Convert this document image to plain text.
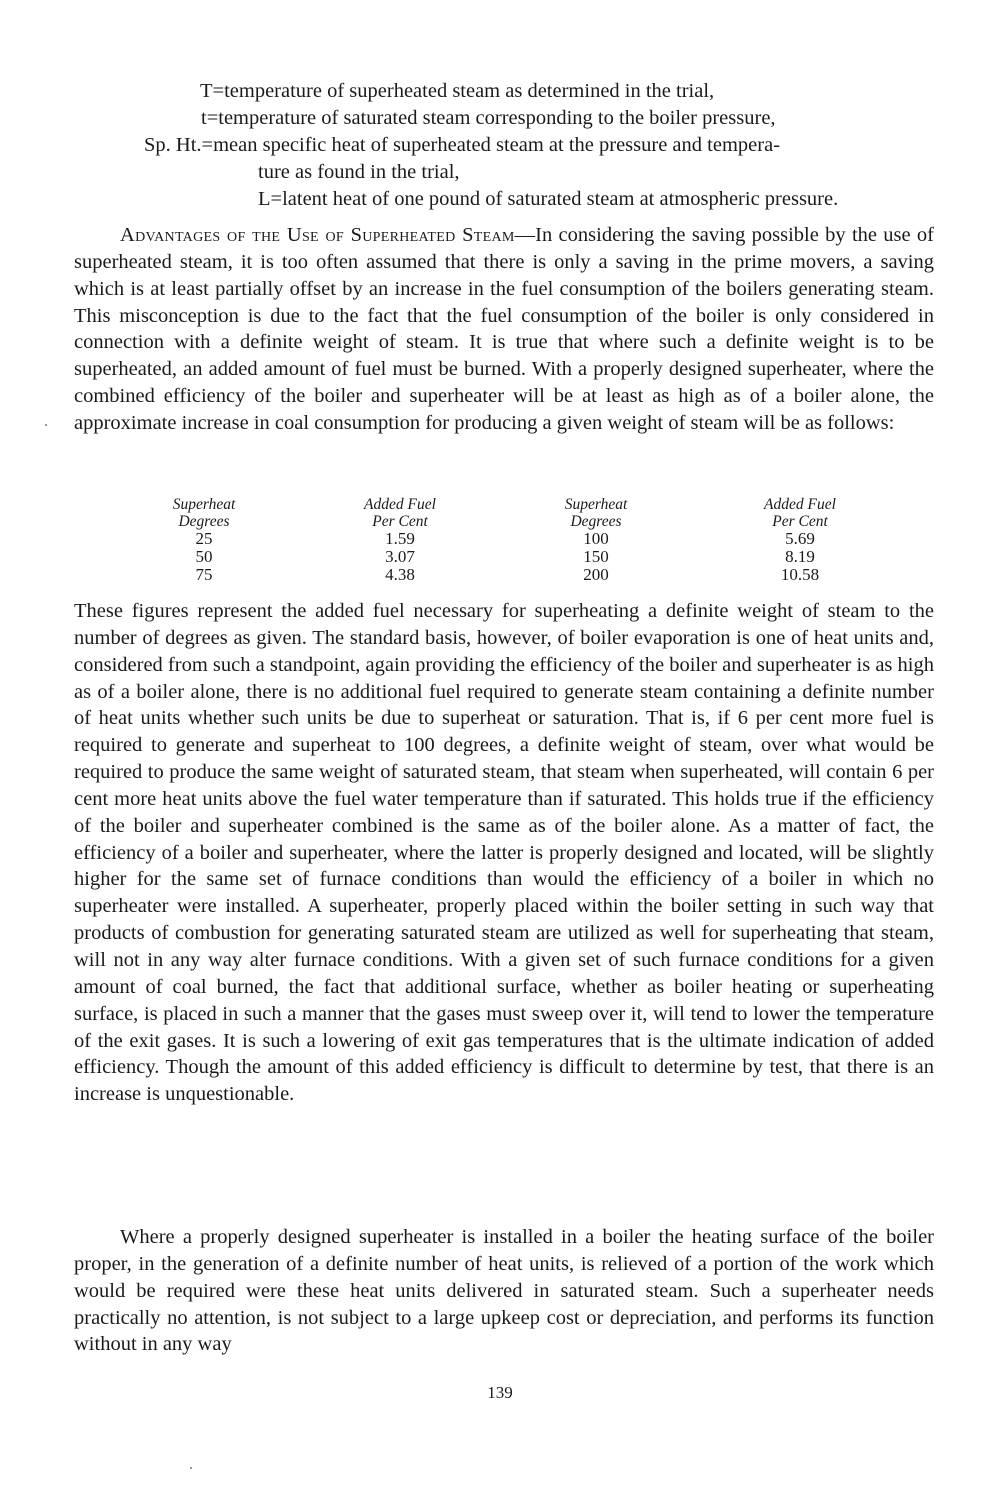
T=temperature of superheated steam as determined in the trial,
t=temperature of saturated steam corresponding to the boiler pressure,
Sp. Ht.=mean specific heat of superheated steam at the pressure and tempera-
ture as found in the trial,
L=latent heat of one pound of saturated steam at atmospheric pressure.
Advantages of the Use of Superheated Steam—In considering the saving possible by the use of superheated steam, it is too often assumed that there is only a saving in the prime movers, a saving which is at least partially offset by an increase in the fuel consumption of the boilers generating steam. This misconception is due to the fact that the fuel consumption of the boiler is only considered in connection with a definite weight of steam. It is true that where such a definite weight is to be superheated, an added amount of fuel must be burned. With a properly designed superheater, where the combined efficiency of the boiler and superheater will be at least as high as of a boiler alone, the approximate increase in coal consumption for producing a given weight of steam will be as follows:
Superheat
Degrees
25
50
75
Added Fuel
Per Cent
1.59
3.07
4.38
Superheat
Degrees
100
150
200
Added Fuel
Per Cent
5.69
8.19
10.58
These figures represent the added fuel necessary for superheating a definite weight of steam to the number of degrees as given. The standard basis, however, of boiler evaporation is one of heat units and, considered from such a standpoint, again providing the efficiency of the boiler and superheater is as high as of a boiler alone, there is no additional fuel required to generate steam containing a definite number of heat units whether such units be due to superheat or saturation. That is, if 6 per cent more fuel is required to generate and superheat to 100 degrees, a definite weight of steam, over what would be required to produce the same weight of saturated steam, that steam when superheated, will contain 6 per cent more heat units above the fuel water temperature than if saturated. This holds true if the efficiency of the boiler and superheater combined is the same as of the boiler alone. As a matter of fact, the efficiency of a boiler and superheater, where the latter is properly designed and located, will be slightly higher for the same set of furnace conditions than would the efficiency of a boiler in which no superheater were installed. A superheater, properly placed within the boiler setting in such way that products of combustion for generating saturated steam are utilized as well for superheating that steam, will not in any way alter furnace conditions. With a given set of such furnace conditions for a given amount of coal burned, the fact that additional surface, whether as boiler heating or superheating surface, is placed in such a manner that the gases must sweep over it, will tend to lower the temperature of the exit gases. It is such a lowering of exit gas temperatures that is the ultimate indication of added efficiency. Though the amount of this added efficiency is difficult to determine by test, that there is an increase is unquestionable.
Where a properly designed superheater is installed in a boiler the heating surface of the boiler proper, in the generation of a definite number of heat units, is relieved of a portion of the work which would be required were these heat units delivered in saturated steam. Such a superheater needs practically no attention, is not subject to a large upkeep cost or depreciation, and performs its function without in any way
139
